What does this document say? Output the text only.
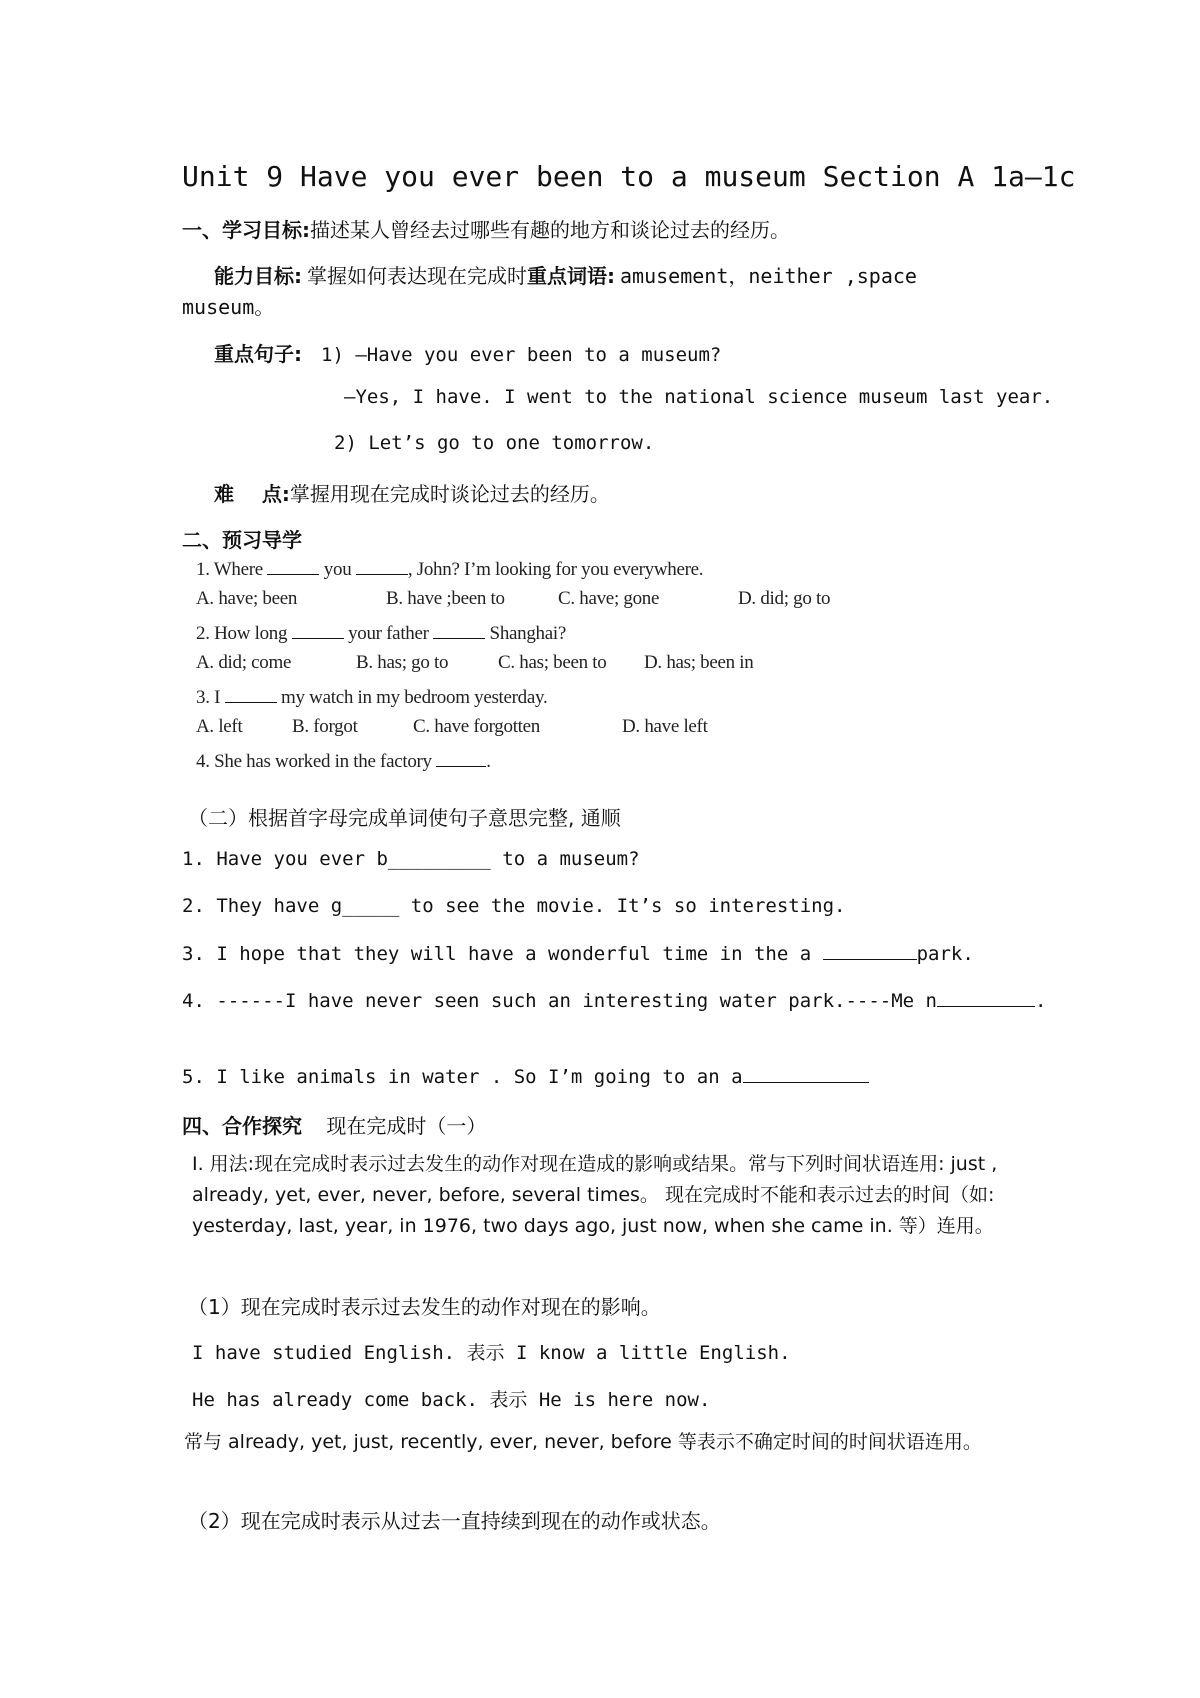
Unit 9 Have you ever been to a museum Section A 1a—1c
一、学习目标:描述某人曾经去过哪些有趣的地方和谈论过去的经历。
能力目标: 掌握如何表达现在完成时重点词语: amusement，neither ,space
museum。
重点句子: 1) —Have you ever been to a museum?
—Yes, I have. I went to the national science museum last year.
2) Let’s go to one tomorrow.
难    点:掌握用现在完成时谈论过去的经历。
二、预习导学
1. Where	you	, John? I’m looking for you everywhere.
A. have; been	B. have ;been to	C. have; gone	D. did; go to
2. How long	your father	Shanghai?
A. did; come	B. has; go to	C. has; been to D. has; been in
3. I	my watch in my bedroom yesterday.
A. left	B. forgot	C. have forgotten	D. have left
4. She has worked in the factory	.
（二）根据首字母完成单词使句子意思完整, 通顺
1. Have you ever b_________ to a museum?
2. They have g_____ to see the movie. It’s so interesting.
3. I hope that they will have a wonderful time in the a	park.
4. ------I have never seen such an interesting water park.----Me n	.
5. I like animals in water . So I’m going to an a
四、合作探究 现在完成时（一）
I. 用法:现在完成时表示过去发生的动作对现在造成的影响或结果。常与下列时间状语连用: just , already, yet, ever, never, before, several times。 现在完成时不能和表示过去的时间（如: yesterday, last, year, in 1976, two days ago, just now, when she came in. 等）连用。
（1）现在完成时表示过去发生的动作对现在的影响。
I have studied English. 表示 I know a little English.
He has already come back. 表示 He is here now.
常与 already, yet, just, recently, ever, never, before 等表示不确定时间的时间状语连用。
（2）现在完成时表示从过去一直持续到现在的动作或状态。
